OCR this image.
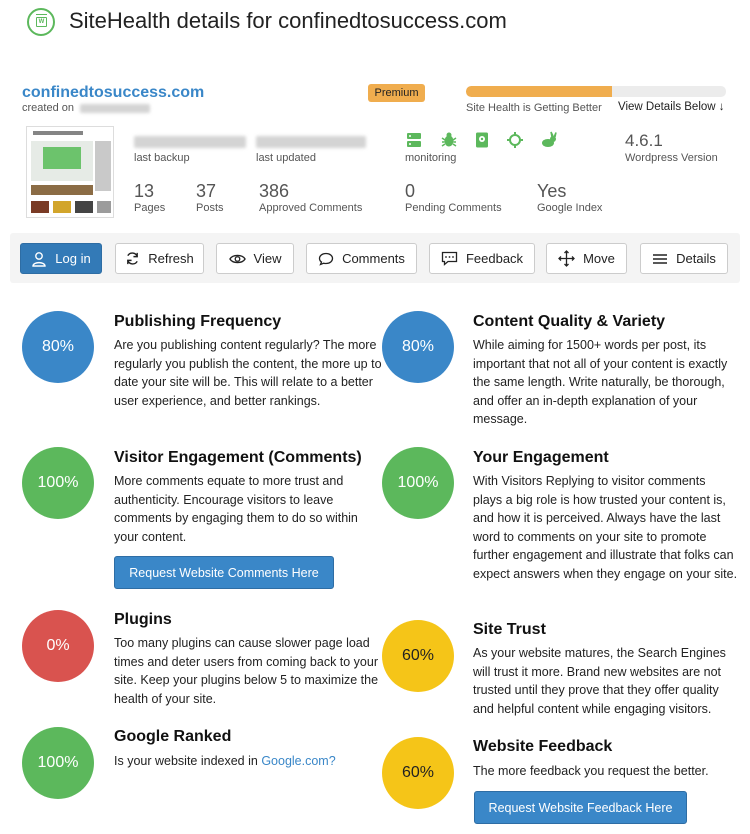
W SiteHealth details for confinedtosuccess.com
confinedtosuccess.com
created on
Premium
Site Health is Getting Better View Details Below ↓
last backup	last updated	monitoring
4.6.1
Wordpress Version
13
Pages
37
Posts
386
Approved Comments
0
Pending Comments
Yes
Google Index
Log in	Refresh	View	Comments	Feedback	Move	Details
80%
Publishing Frequency
Are you publishing content regularly? The more regularly you publish the content, the more up to date your site will be. This will relate to a better user experience, and better rankings.
100%
Visitor Engagement (Comments)
More comments equate to more trust and authenticity. Encourage visitors to leave comments by engaging them to do so within your content.
Request Website Comments Here
0%
Plugins
Too many plugins can cause slower page load times and deter users from coming back to your site. Keep your plugins below 5 to maximize the health of your site.
100%
Google Ranked
Is your website indexed in Google.com?
80%
Content Quality & Variety
While aiming for 1500+ words per post, its important that not all of your content is exactly the same length. Write naturally, be thorough, and offer an in-depth explanation of your message.
100%
Your Engagement
With Visitors Replying to visitor comments plays a big role is how trusted your content is, and how it is perceived. Always have the last word to comments on your site to promote further engagement and illustrate that folks can expect answers when they engage on your site.
60%
Site Trust
As your website matures, the Search Engines will trust it more. Brand new websites are not trusted until they prove that they offer quality and helpful content while engaging visitors.
60%
Website Feedback
The more feedback you request the better.
Request Website Feedback Here
